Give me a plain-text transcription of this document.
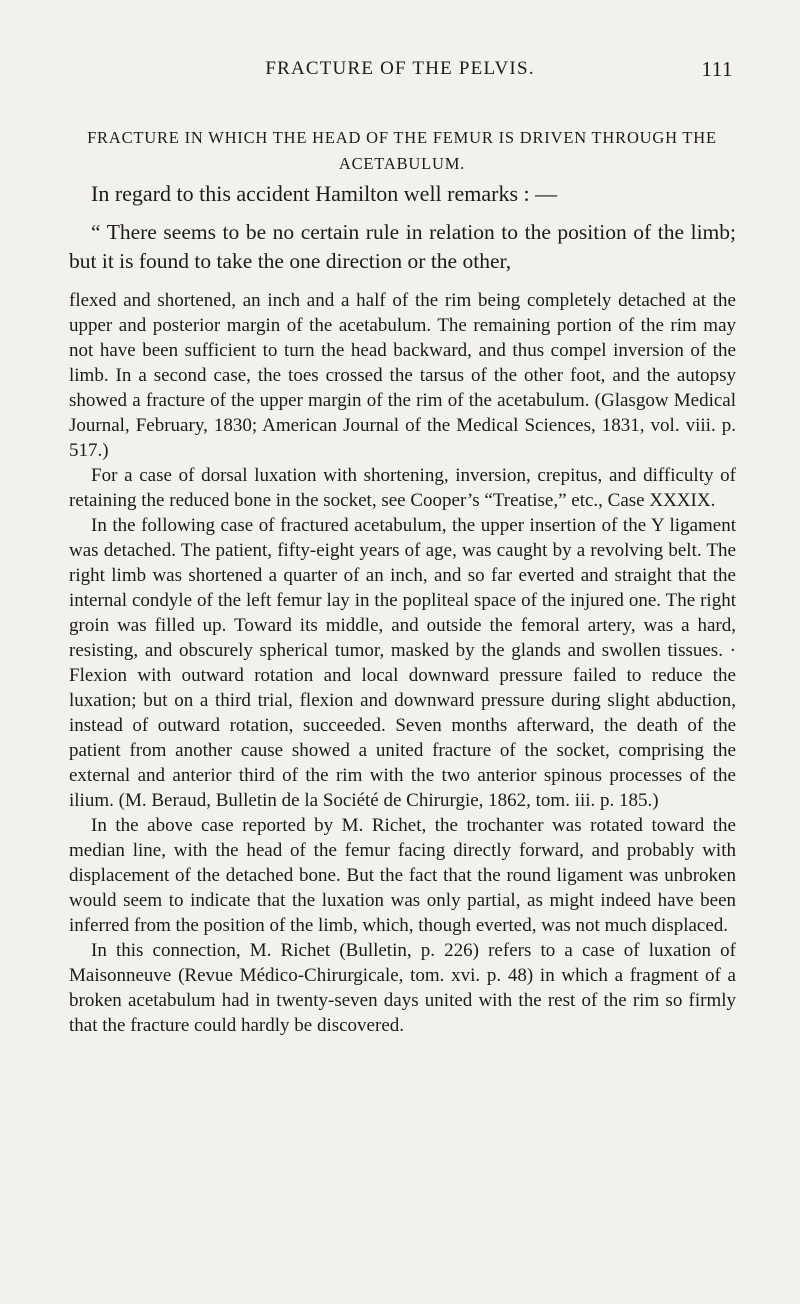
FRACTURE OF THE PELVIS.	111
FRACTURE IN WHICH THE HEAD OF THE FEMUR IS DRIVEN THROUGH THE ACETABULUM.

In regard to this accident Hamilton well remarks : —

“ There seems to be no certain rule in relation to the position of the limb; but it is found to take the one direction or the other,

flexed and shortened, an inch and a half of the rim being completely detached at the upper and posterior margin of the acetabulum. The remaining portion of the rim may not have been sufficient to turn the head backward, and thus compel inversion of the limb. In a second case, the toes crossed the tarsus of the other foot, and the autopsy showed a fracture of the upper margin of the rim of the acetabulum. (Glasgow Medical Journal, February, 1830; American Journal of the Medical Sciences, 1831, vol. viii. p. 517.)

For a case of dorsal luxation with shortening, inversion, crepitus, and difficulty of retaining the reduced bone in the socket, see Cooper’s “Treatise,” etc., Case XXXIX.

In the following case of fractured acetabulum, the upper insertion of the Y ligament was detached. The patient, fifty-eight years of age, was caught by a revolving belt. The right limb was shortened a quarter of an inch, and so far everted and straight that the internal condyle of the left femur lay in the popliteal space of the injured one. The right groin was filled up. Toward its middle, and outside the femoral artery, was a hard, resisting, and obscurely spherical tumor, masked by the glands and swollen tissues. · Flexion with outward rotation and local downward pressure failed to reduce the luxation; but on a third trial, flexion and downward pressure during slight abduction, instead of outward rotation, succeeded. Seven months afterward, the death of the patient from another cause showed a united fracture of the socket, comprising the external and anterior third of the rim with the two anterior spinous processes of the ilium. (M. Beraud, Bulletin de la Société de Chirurgie, 1862, tom. iii. p. 185.)

In the above case reported by M. Richet, the trochanter was rotated toward the median line, with the head of the femur facing directly forward, and probably with displacement of the detached bone. But the fact that the round ligament was unbroken would seem to indicate that the luxation was only partial, as might indeed have been inferred from the position of the limb, which, though everted, was not much displaced.

In this connection, M. Richet (Bulletin, p. 226) refers to a case of luxation of Maisonneuve (Revue Médico-Chirurgicale, tom. xvi. p. 48) in which a fragment of a broken acetabulum had in twenty-seven days united with the rest of the rim so firmly that the fracture could hardly be discovered.
